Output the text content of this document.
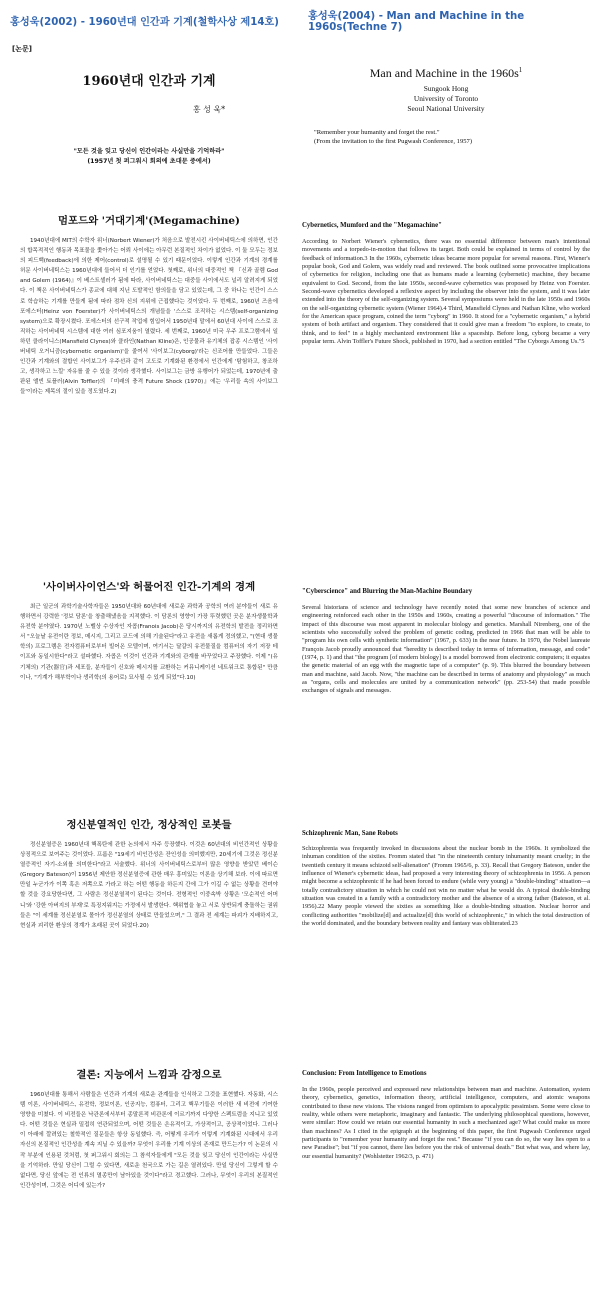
홍성욱(2002) - 1960년대 인간과 기계(철학사상 제14호)	홍성욱(2004) - Man and Machine in the 1960s(Techne 7)
[논문]
1960년대 인간과 기계
홍 성 욱*
"모든 것을 잊고 당신이 인간이라는 사실만을 기억하라"
(1957년 첫 퍼그워시 회의에 초대문 중에서)
멈포드와 '거대기계'(Megamachine)
1940년대에 MIT의 수학자 위너(Norbert Wiener)가 처음으로 발전시킨 사이버네틱스에 의하면, 인간의 합목적적인 행동과 목표물을 쫓아가는 어뢰 사이에는 아무런 본질적인 차이가 없었다. 이 둘 모두는 정보의 피드백(feedback)에 의한 제어(control)로 설명될 수 있기 때문이었다. 이렇게 인간과 기계의 경계를 허문 사이버네틱스는 1960년대에 들어서 더 인기를 얻었다. 첫째로, 위너의 대중적인 책 『신과 골렘 God and Golem (1964)』이 베스트셀러가 됨에 따라, 사이버네틱스는 대중들 사이에서도 널리 알려지게 되었다. 이 책은 사이버네틱스가 종교에 대해 지닌 도발적인 함의들을 담고 있었는데, 그 중 하나는 인간이 스스로 학습하는 기계를 만들게 됨에 따라 점차 신의 지위에 근접했다는 것이었다. 두 번째로, 1960년 즈음에 포에스터(Heinz von Foerster)가 사이버네틱스의 개념들을 '스스로 조직하는 시스템(self-organizing system)으로 확장시켰다. 포에스터의 선구적 작업에 힘입어서 1950년대 말에서 60년대 사이에 스스로 조직하는 사이버네틱 시스템에 대한 여러 심포지움이 열렸다. 세 번째로, 1960년 미국 우주 프로그램에서 일하던 클라이니스(Mansfield Clynes)와 클라인(Nathan Kline)은, 인공물과 유기체의 잡종 시스템인 '사이버네틱 오거니즘(cybernetic organism)'을 줄여서 '사이보그(cyborg)'라는 신조어를 만들었다. 그들은 인간과 기계와의 결합인 사이보그가 우주선과 같이 고도로 기계화된 환경에서 인간에게 '탐험하고, 창조하고, 생각하고 느낄' 자유를 줄 수 있을 것이라 생각했다. 사이보그는 금방 유행어가 되었는데, 1970년에 출판된 앨빈 토플러(Alvin Toffler)의 『미래의 충격 Future Shock (1970)』에는 '우리들 속의 사이보그들'이라는 제목의 절이 있을 정도였다.2)
'사이버사이언스'와 허물어진 인간-기계의 경계
최근 일군의 과학기술사학자들은 1950년대와 60년대에 새로운 과학과 공학의 여러 분야들이 새로 유행하면서 강력한 '정보 담론'을 창출해냈음을 지적했다. 이 담론의 영향이 가장 뚜렷했던 곳은 분자생물학과 유전학 분야였다. 1970년 노벨상 수상자인 자콥(Franois Jacob)은 당시까지의 유전학의 발전을 정리하면서 "오늘날 유전이란 정보, 메시지, 그리고 코드에 의해 기술된다"라고 유전을 새롭게 정의했고, "(현대 생물학의) 프로그램은 전자컴퓨터로부터 빌어온 모델이며, 여기서는 달걀의 유전물질을 컴퓨터의 자기 저장 테이프와 동일시한다"라고 설파했다. 자콥은 이것이 인간과 기계와의 관계를 바꾸었다고 주장했다. 이제 "(유기체의) 기관(器官)과 세포들, 분자들이 신호와 메시지를 교환하는 커뮤니케이션 네트워크로 통합된" 만큼이나, "기계가 해부학이나 생리학(의 용어로) 묘사될 수 있게 되었"다.10)
정신분열적인 인간, 정상적인 로봇들
정신분열증은 1960년대 핵폭탄에 관한 논의에서 자주 등장했다. 이것은 60년대의 비인간적인 상황을 상징적으로 보여주는 것이었다. 프롬은 "19세기 비인간성은 잔인성을 의미했지만, 20세기에 그것은 정신분열증적인 자기-소외를 의미한다"라고 서술했다. 위너의 사이버네틱스로부터 많은 영향을 받았던 베이슨(Gregory Bateson)이 1956년 제안한 정신분열증에 관한 매우 흥미있는 이론을 상기해 보라. 이에 따르면 만일 누군가가 이쪽 혹은 저쪽으로 가라고 하는 어떤 행동을 하든지 간에 그가 이길 수 없는 상황을 견뎌야 할 것을 강요당한다면, 그 사람은 정신분열적이 된다는 것이다. 전형적인 이중속박 상황은 '모순적인 어머니'와 '강한 아버지의 부재'로 특징지워지는 가정에서 발생한다. 핵위협을 놓고 서로 상반되게 충돌하는 권위들은 "이 세계를 정신분열로 몰아가 정신분열의 상태로 만들었으며," 그 결과 전 세계는 파괴가 지배하지고, 현실과 괴리한 환상의 경계가 초래된 곳이 되었다.20)
결론: 지능에서 느낌과 감정으로
1960년대를 통해서 사람들은 인간과 기계의 새로운 관계들을 인식하고 그것을 표현했다. 자동화, 시스템 이론, 사이버네틱스, 유전학, 정보이론, 인공지능, 컴퓨터, 그리고 핵무기들은 이러한 새 비전에 기여한 영향을 미쳤다. 이 비전들은 낙관론에서부터 종말론적 비관론에 이르기까지 다양한 스펙트럼을 지니고 있었다. 어떤 것들은 현실과 밀접히 연관되었으며, 어떤 것들은 은유적이고, 가상적이고, 공상적이었다. 그러나 이 아래에 깔려있는 철학적인 질문들은 항상 동일했다. 즉, 어떻게 우리가 이렇게 기계화된 시대에서 우리 자신의 본질적인 인간성을 계속 지닐 수 있을까? 무엇이 우리를 기계 이상의 존재로 만드는가? 이 논문의 시작 부분에 인용된 것처럼, 첫 퍼그워시 회의는 그 참석자들에게 "모든 것을 잊고 당신이 인간이라는 사실만을 기억하라. 만일 당신이 그럴 수 있다면, 새로운 천국으로 가는 길은 열려있다. 만일 당신이 그렇게 할 수 없다면, 당신 앞에는 전 인류의 멸종만이 남아있을 것이다"라고 경고했다. 그러나, 무엇이 우리의 본질적인 인간성이며, 그것은 어디에 있는가?
Man and Machine in the $1960s^1$
Sungook Hong
University of Toronto
Seoul National University
"Remember your humanity and forget the rest."
(From the invitation to the first Pugwash Conference, 1957)
Cybernetics, Mumford and the "Megamachine"
According to Norbert Wiener's cybernetics, there was no essential difference between man's intentional movements and a torpedo-in-motion that follows its target. Both could be explained in terms of control by the feedback of information.3 In the 1960s, cybernetic ideas became more popular for several reasons. First, Wiener's popular book, God and Golem, was widely read and reviewed. The book outlined some provocative implications of cybernetics for religion, including one that as humans made a learning (cybernetic) machine, they became equivalent to God. Second, from the late 1950s, second-wave cybernetics was proposed by Heinz von Foerster. Second-wave cybernetics developed a reflexive aspect by including the observer into the system, and it was later extended into the theory of the self-organizing system. Several symposiums were held in the late 1950s and 1960s on the self-organizing cybernetic system (Wiener 1964).4 Third, Mansfield Clynes and Nathan Kline, who worked for the American space program, coined the term "cyborg" in 1960. It stood for a "cybernetic organism," a hybrid system of both artifact and organism. They considered that it could give man a freedom "to explore, to create, to think, and to feel" in a highly mechanized environment like a spaceship. Before long, cyborg became a very popular term. Alvin Toffler's Future Shock, published in 1970, had a section entitled "The Cyborgs Among Us."5
"Cyberscience" and Blurring the Man-Machine Boundary
Several historians of science and technology have recently noted that some new branches of science and engineering reinforced each other in the 1950s and 1960s, creating a powerful "discourse of information." The impact of this discourse was most apparent in molecular biology and genetics. Marshall Nirenberg, one of the scientists who successfully solved the problem of genetic coding, predicted in 1966 that man will be able to "program his own cells with synthetic information" (1967, p. 633) in the near future. In 1970, the Nobel laureate François Jacob proudly announced that "heredity is described today in terms of information, message, and code" (1974, p. 1) and that "the program [of modern biology] is a model borrowed from electronic computers; it equates the genetic material of an egg with the magnetic tape of a computer" (p. 9). This blurred the boundary between man and machine, said Jacob. Now, "the machine can be described in terms of anatomy and physiology" as much as "organs, cells and molecules are united by a communication network" (pp. 253-54) that made possible exchanges of signals and messages.
Schizophrenic Man, Sane Robots
Schizophrenia was frequently invoked in discussions about the nuclear bomb in the 1960s. It symbolized the inhuman condition of the sixties. Fromm stated that "in the nineteenth century inhumanity meant cruelty; in the twentieth century it means schizoid self-alienation" (Fromm 1965/6, p. 33). Recall that Gregory Bateson, under the influence of Wiener's cybernetic ideas, had proposed a very interesting theory of schizophrenia in 1956. A person might become a schizophrenic if he had been forced to endure (while very young) a "double-binding" situation—a totally contradictory situation in which he could not win no matter what he would do. A typical double-binding situation was created in a family with a contradictory mother and the absence of a strong father (Bateson, et al. 1956).22 Many people viewed the sixties as something like a double-binding situation. Nuclear horror and conflicting authorities "mobilize[d] and actualize[d] this world of schizophrenic," in which the total destruction of the world dominated, and the boundary between reality and fantasy was obliterated.23
Conclusion: From Intelligence to Emotions
In the 1960s, people perceived and expressed new relationships between man and machine. Automation, system theory, cybernetics, genetics, information theory, artificial intelligence, computers, and atomic weapons contributed to these new visions. The visions ranged from optimism to apocalyptic pessimism. Some were close to reality, while others were metaphoric, imaginary and fantastic. The underlying philosophical questions, however, were similar: How could we retain our essential humanity in such a mechanized age? What could make us more than machines? As I cited in the epigraph at the beginning of this paper, the first Pugwash Conference urged participants to "remember your humanity and forget the rest." Because "if you can do so, the way lies open to a new Paradise"; but "if you cannot, there lies before you the risk of universal death." But what was, and where lay, our essential humanity? (Wohlstetter 1962/3, p. 471)
